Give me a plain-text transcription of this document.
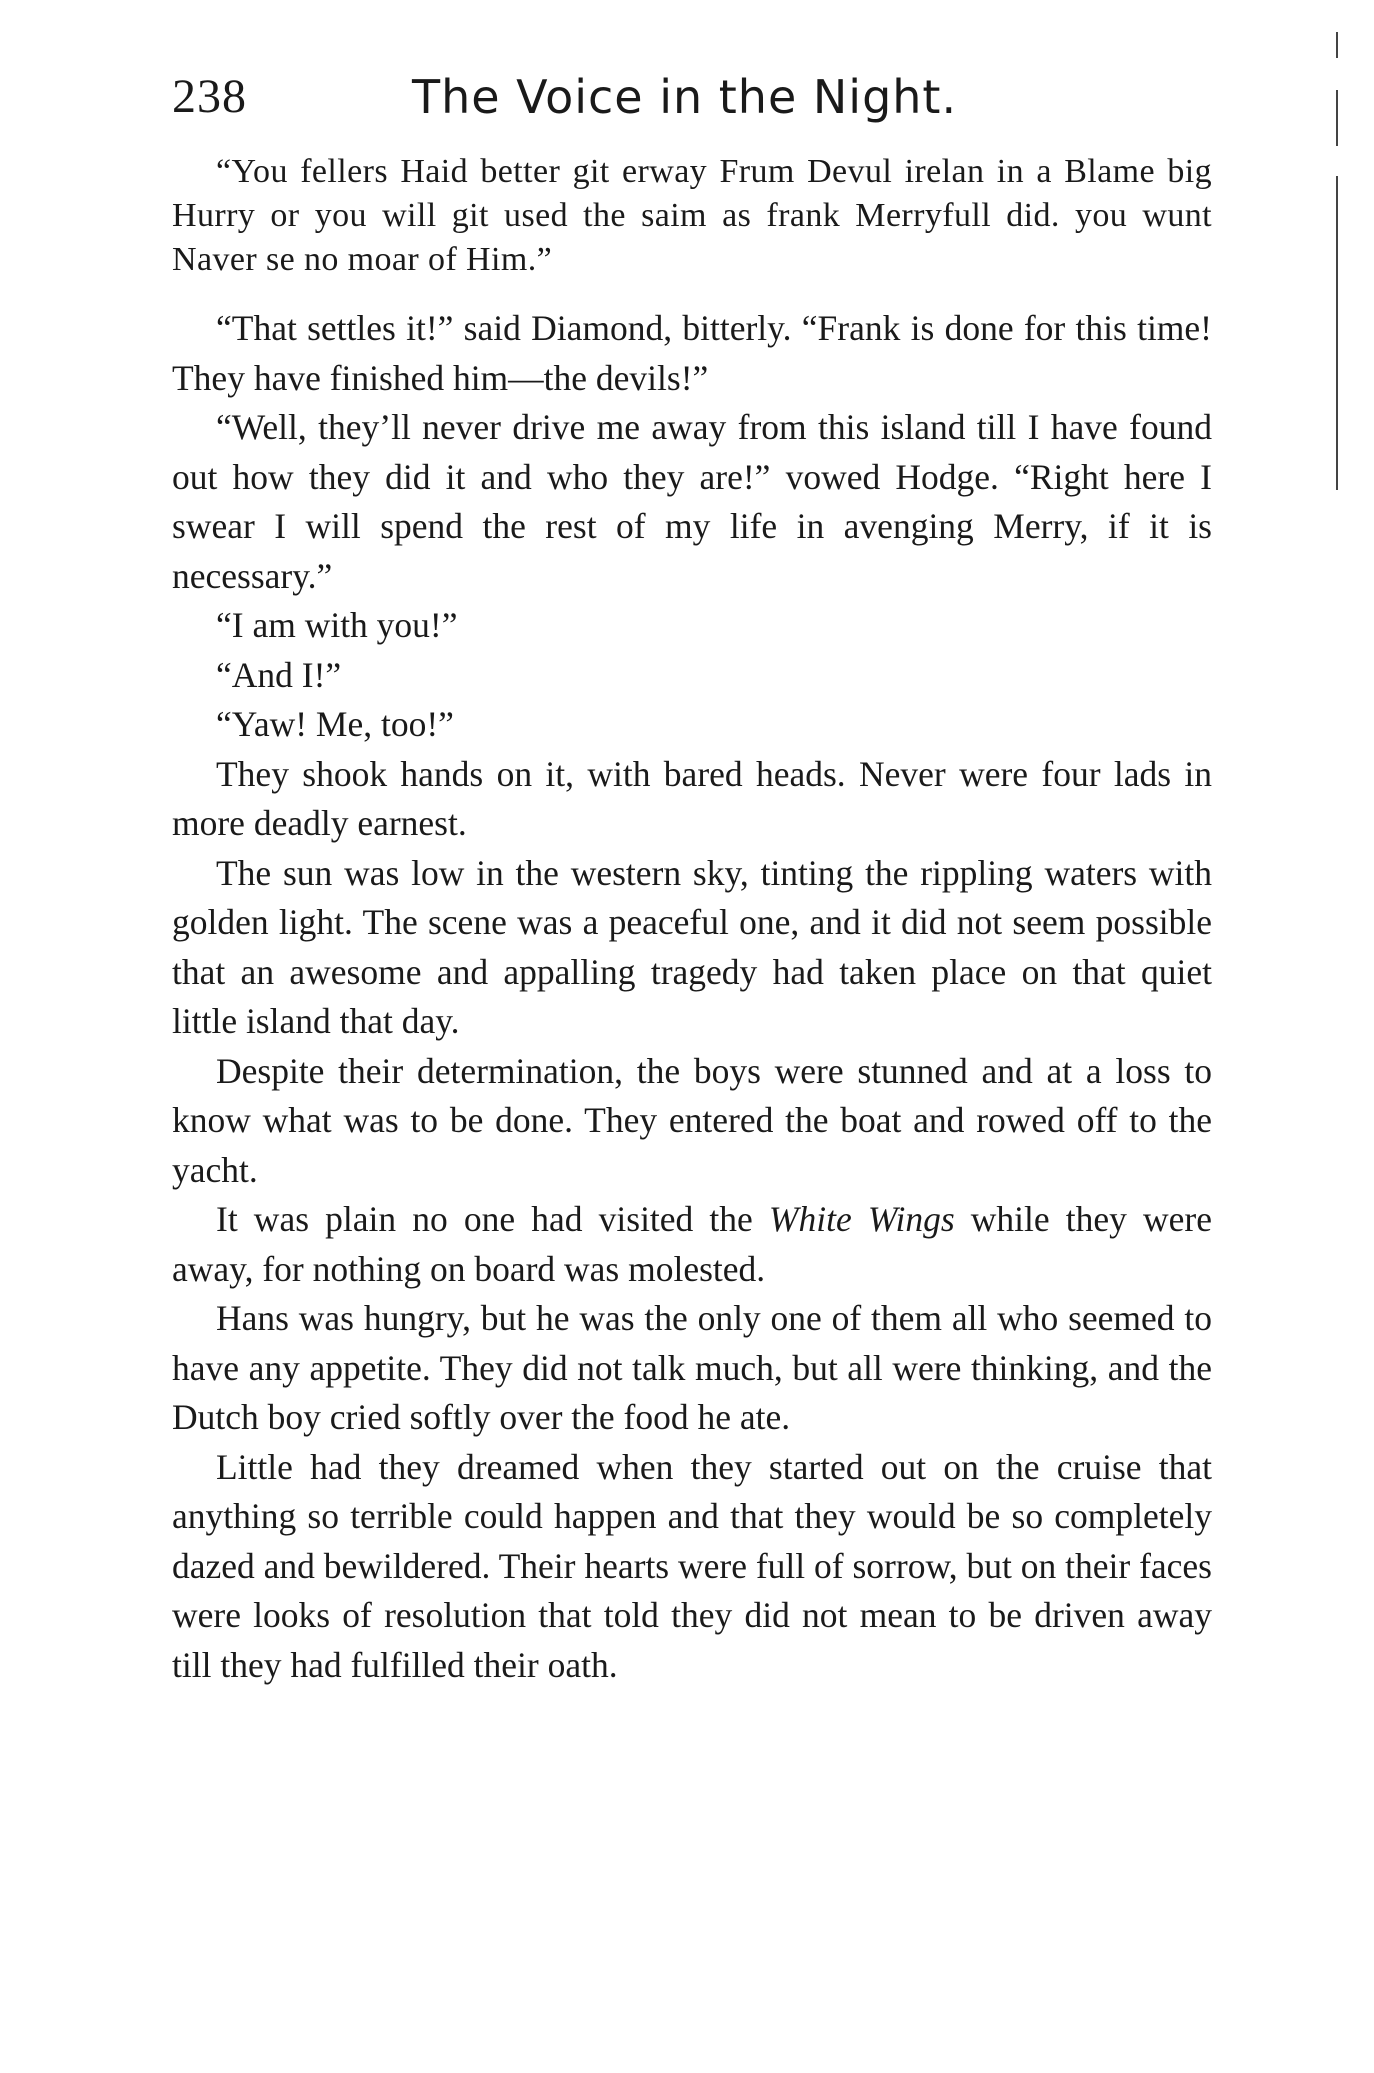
238	The Voice in the Night.

“You fellers Haid better git erway Frum Devul irelan in a Blame big Hurry or you will git used the saim as frank Merryfull did. you wunt Naver se no moar of Him.”

“That settles it!” said Diamond, bitterly. “Frank is done for this time! They have finished him—the devils!”

“Well, they’ll never drive me away from this island till I have found out how they did it and who they are!” vowed Hodge. “Right here I swear I will spend the rest of my life in avenging Merry, if it is necessary.”

“I am with you!”

“And I!”

“Yaw! Me, too!”

They shook hands on it, with bared heads. Never were four lads in more deadly earnest.

The sun was low in the western sky, tinting the rippling waters with golden light. The scene was a peaceful one, and it did not seem possible that an awesome and appalling tragedy had taken place on that quiet little island that day.

Despite their determination, the boys were stunned and at a loss to know what was to be done. They entered the boat and rowed off to the yacht.

It was plain no one had visited the White Wings while they were away, for nothing on board was molested.

Hans was hungry, but he was the only one of them all who seemed to have any appetite. They did not talk much, but all were thinking, and the Dutch boy cried softly over the food he ate.

Little had they dreamed when they started out on the cruise that anything so terrible could happen and that they would be so completely dazed and bewildered. Their hearts were full of sorrow, but on their faces were looks of resolution that told they did not mean to be driven away till they had fulfilled their oath.
